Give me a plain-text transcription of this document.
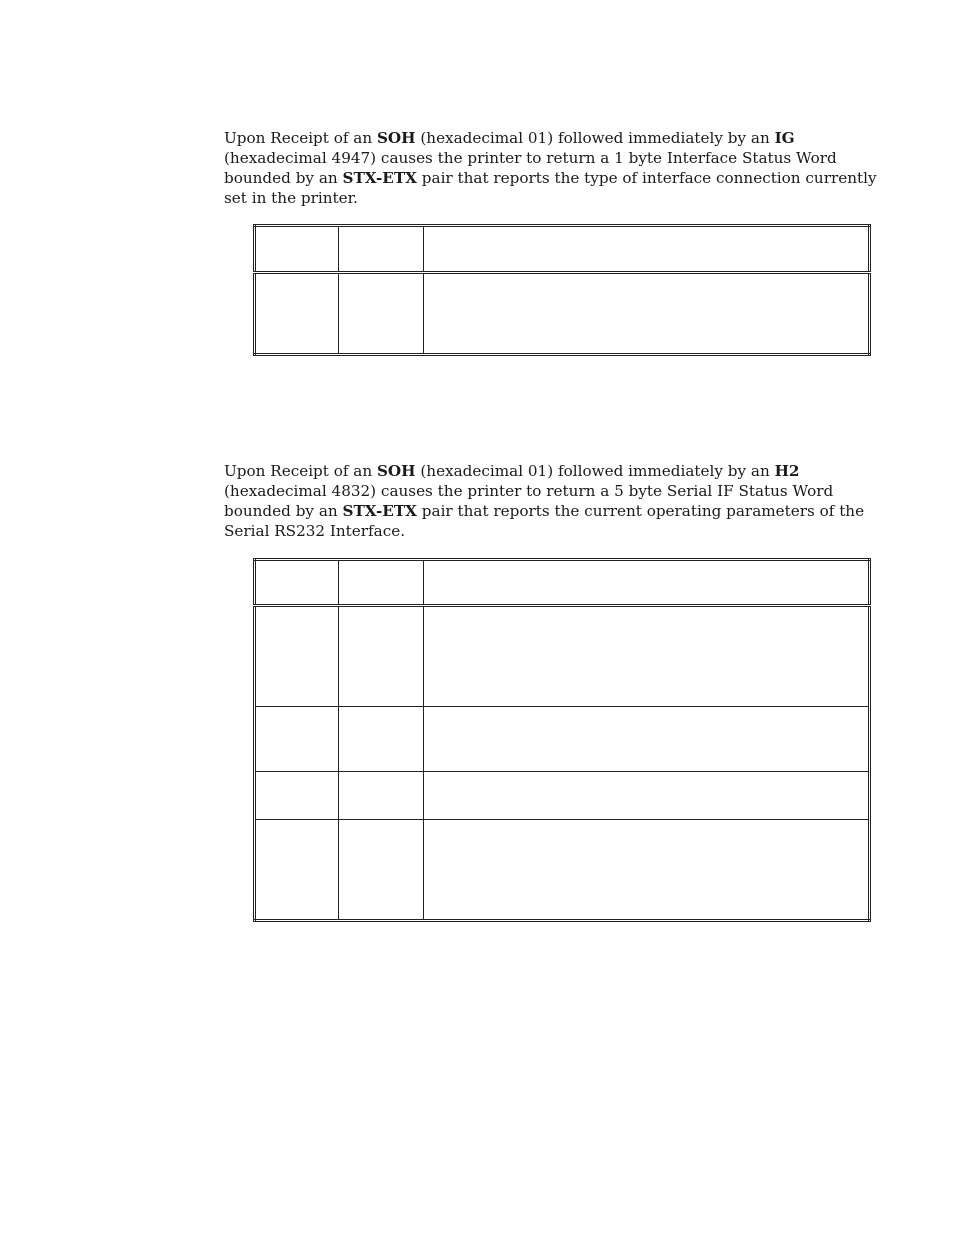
Upon Receipt of an SOH (hexadecimal 01) followed immediately by an IG
(hexadecimal 4947) causes the printer to return a 1 byte Interface Status Word
bounded by an STX-ETX pair that reports the type of interface connection currently
set in the printer.

Upon Receipt of an SOH (hexadecimal 01) followed immediately by an H2
(hexadecimal 4832) causes the printer to return a 5 byte Serial IF Status Word
bounded by an STX-ETX pair that reports the current operating parameters of the
Serial RS232 Interface.
